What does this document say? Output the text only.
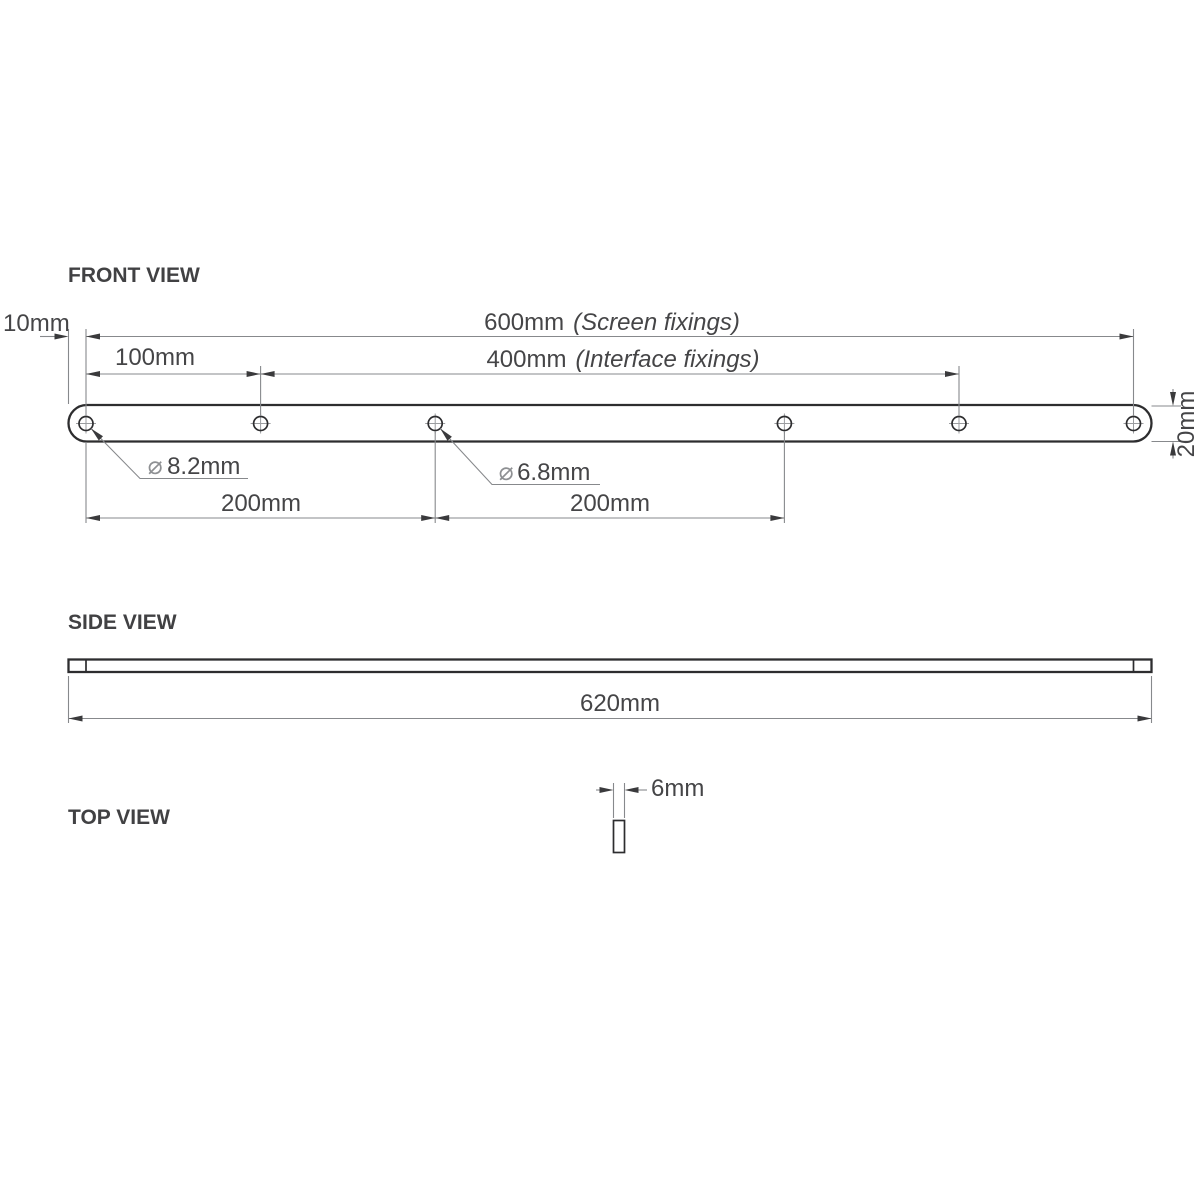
FRONT VIEW
10mm	600mm (Screen fixings)
100mm	400mm (Interface fixings)
200mm	200mm
⌀ 8.2mm	⌀ 6.8mm
20mm
SIDE VIEW
620mm
TOP VIEW
6mm
